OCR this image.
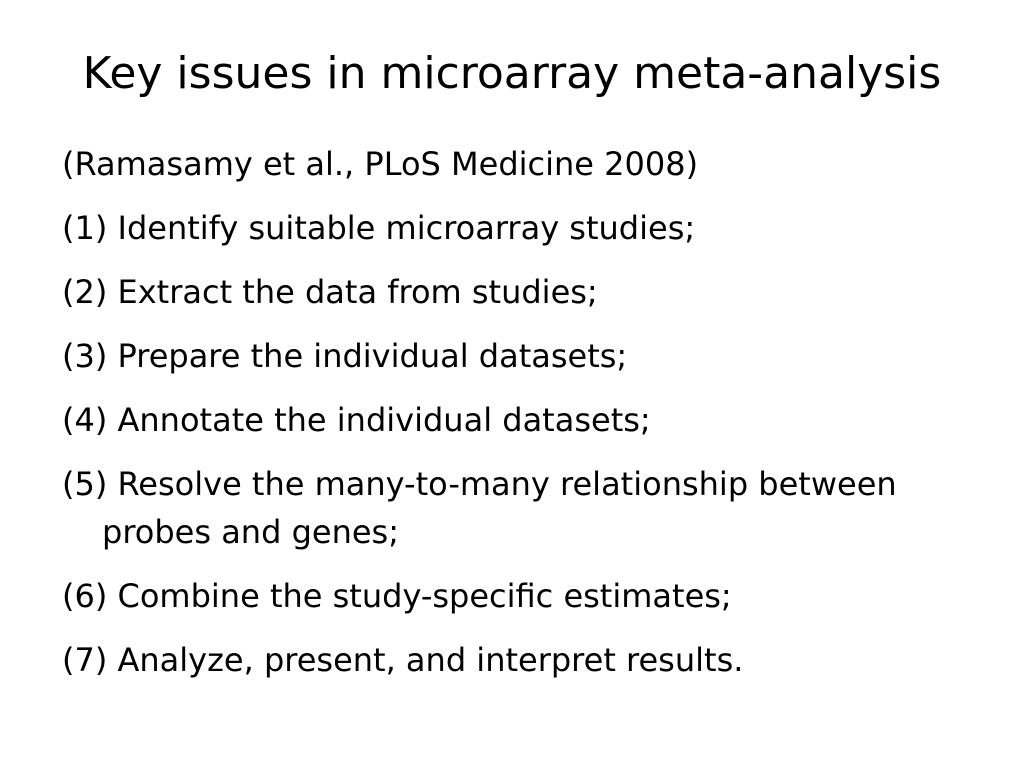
Key issues in microarray meta-analysis
(Ramasamy et al., PLoS Medicine 2008)
(1) Identify suitable microarray studies;
(2) Extract the data from studies;
(3) Prepare the individual datasets;
(4) Annotate the individual datasets;
(5) Resolve the many-to-many relationship between probes and genes;
(6) Combine the study-specific estimates;
(7) Analyze, present, and interpret results.
